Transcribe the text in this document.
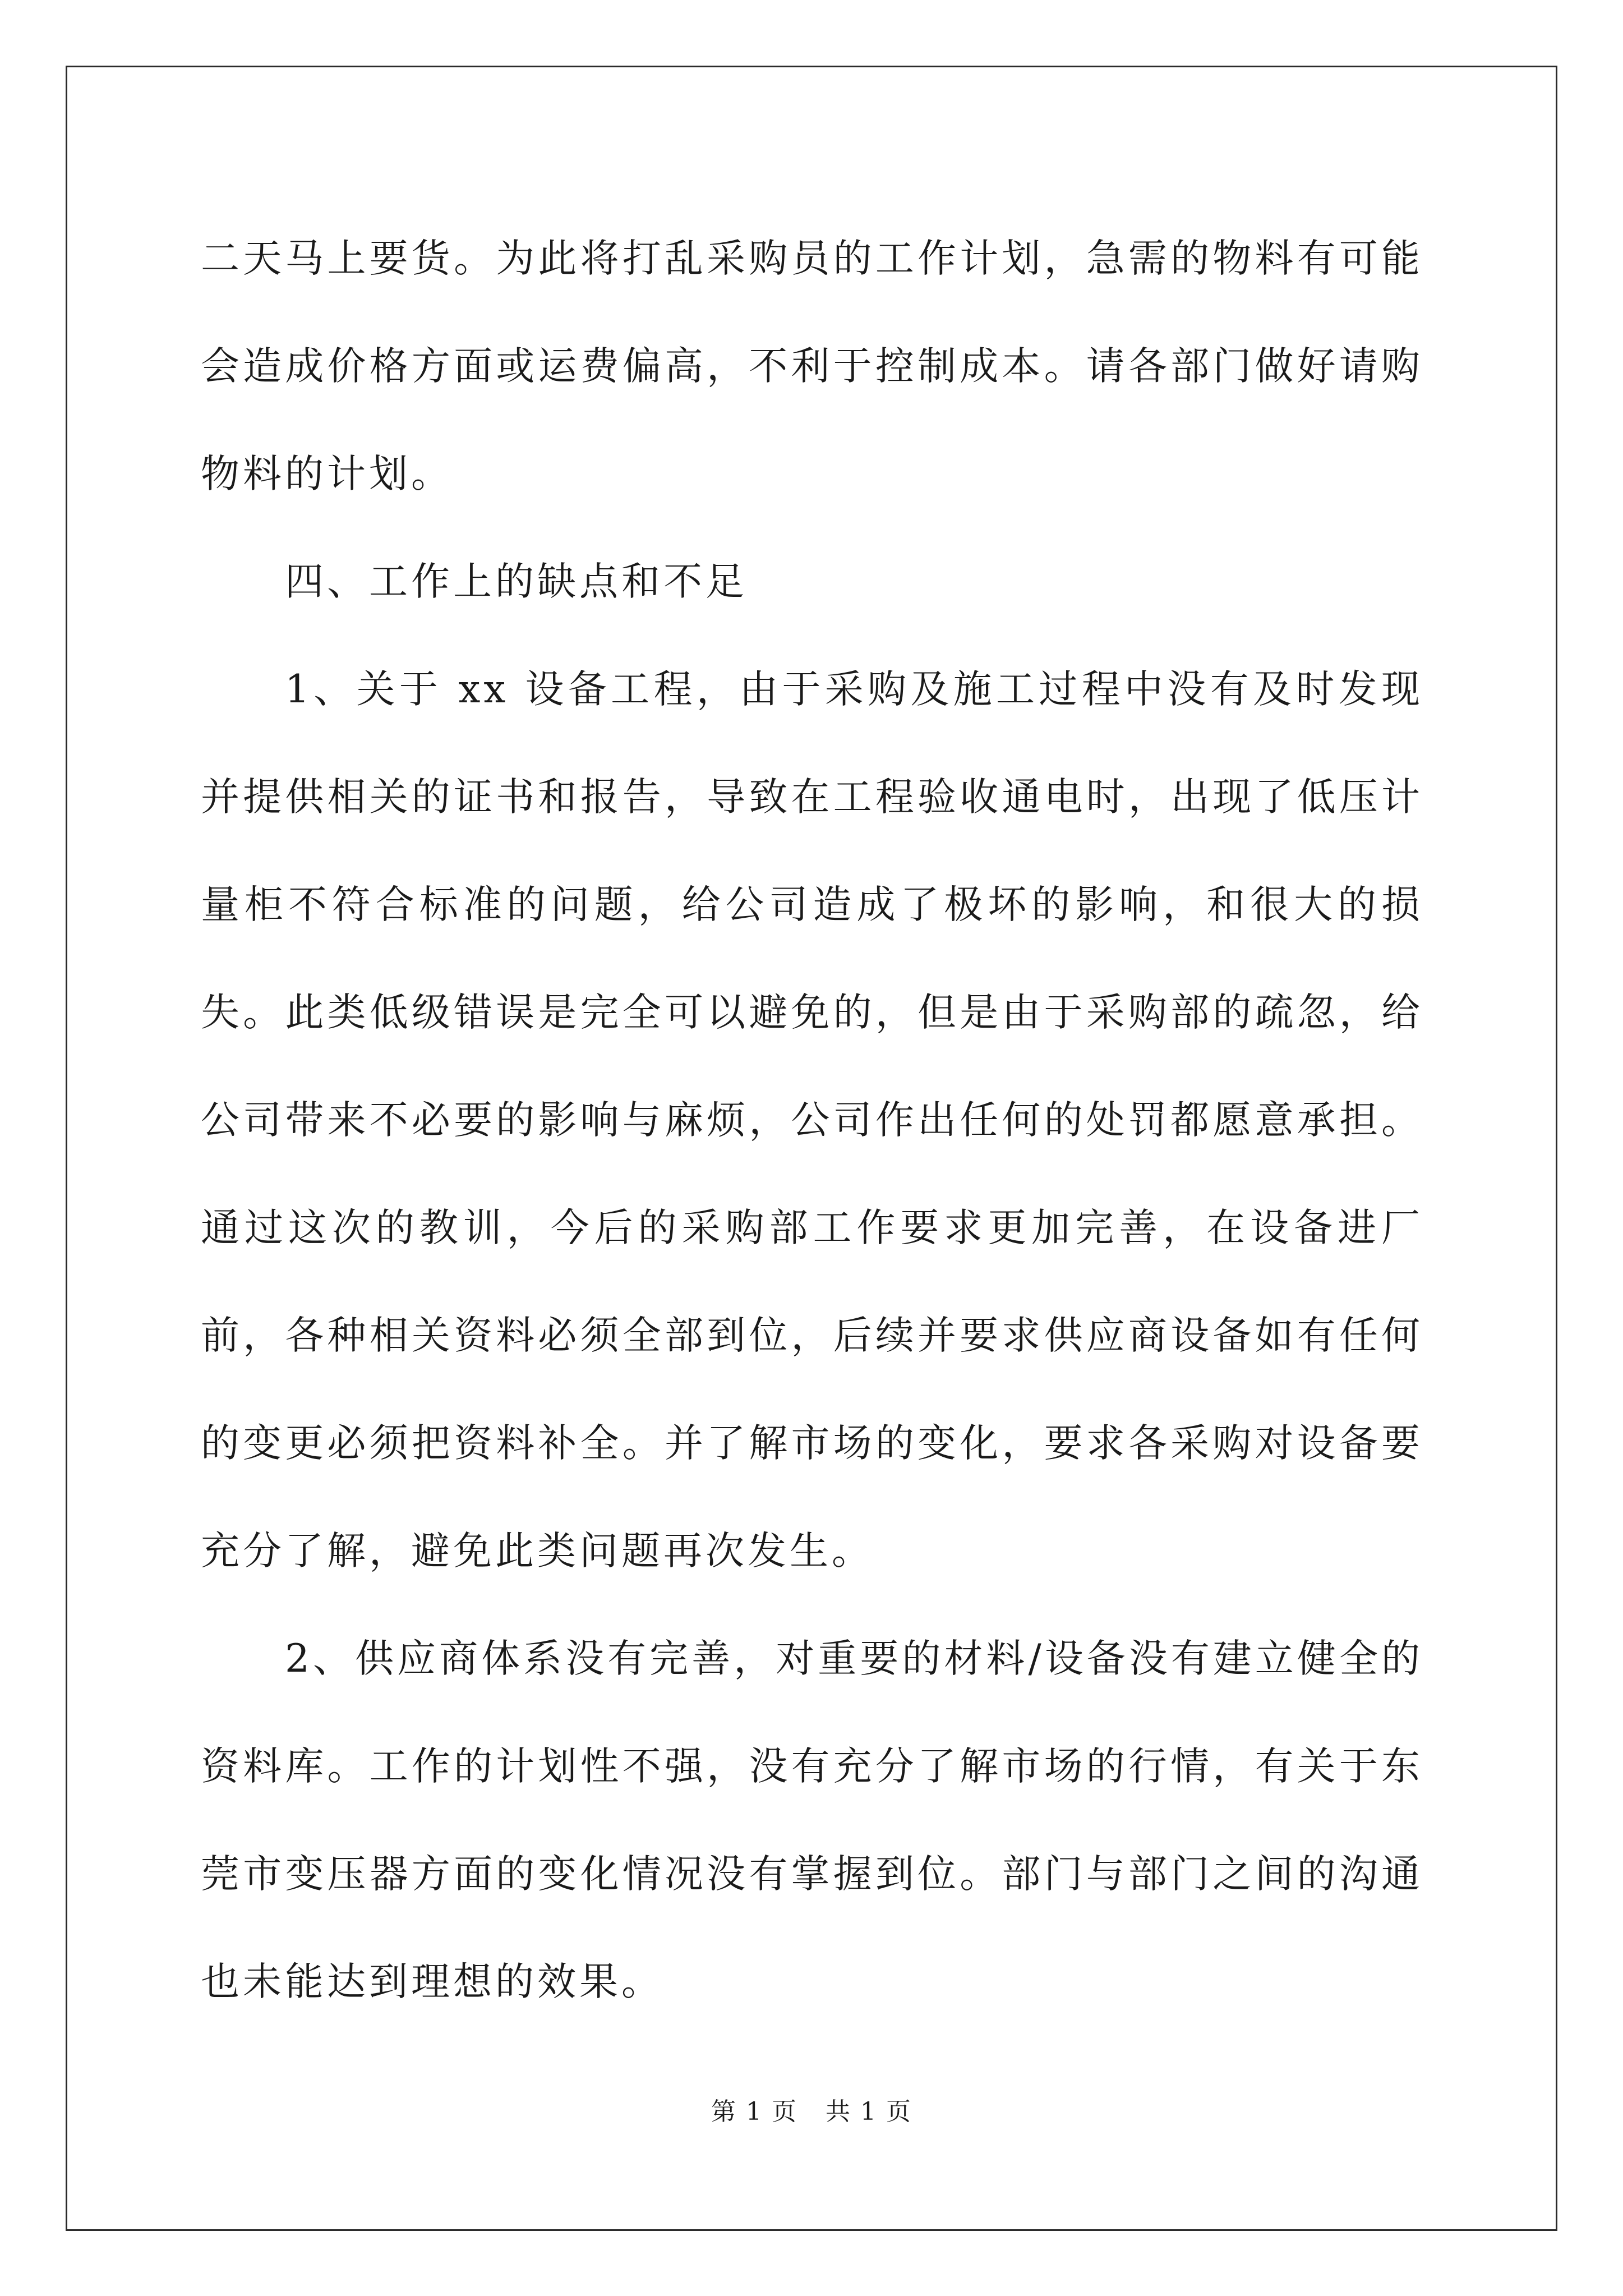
二天马上要货。为此将打乱采购员的工作计划，急需的物料有可能会造成价格方面或运费偏高，不利于控制成本。请各部门做好请购物料的计划。

四、工作上的缺点和不足

1、关于 xx 设备工程，由于采购及施工过程中没有及时发现并提供相关的证书和报告，导致在工程验收通电时，出现了低压计量柜不符合标准的问题，给公司造成了极坏的影响，和很大的损失。此类低级错误是完全可以避免的，但是由于采购部的疏忽，给公司带来不必要的影响与麻烦，公司作出任何的处罚都愿意承担。通过这次的教训，今后的采购部工作要求更加完善，在设备进厂前，各种相关资料必须全部到位，后续并要求供应商设备如有任何的变更必须把资料补全。并了解市场的变化，要求各采购对设备要充分了解，避免此类问题再次发生。

2、供应商体系没有完善，对重要的材料/设备没有建立健全的资料库。工作的计划性不强，没有充分了解市场的行情，有关于东莞市变压器方面的变化情况没有掌握到位。部门与部门之间的沟通也未能达到理想的效果。

第 1 页 共 1 页
